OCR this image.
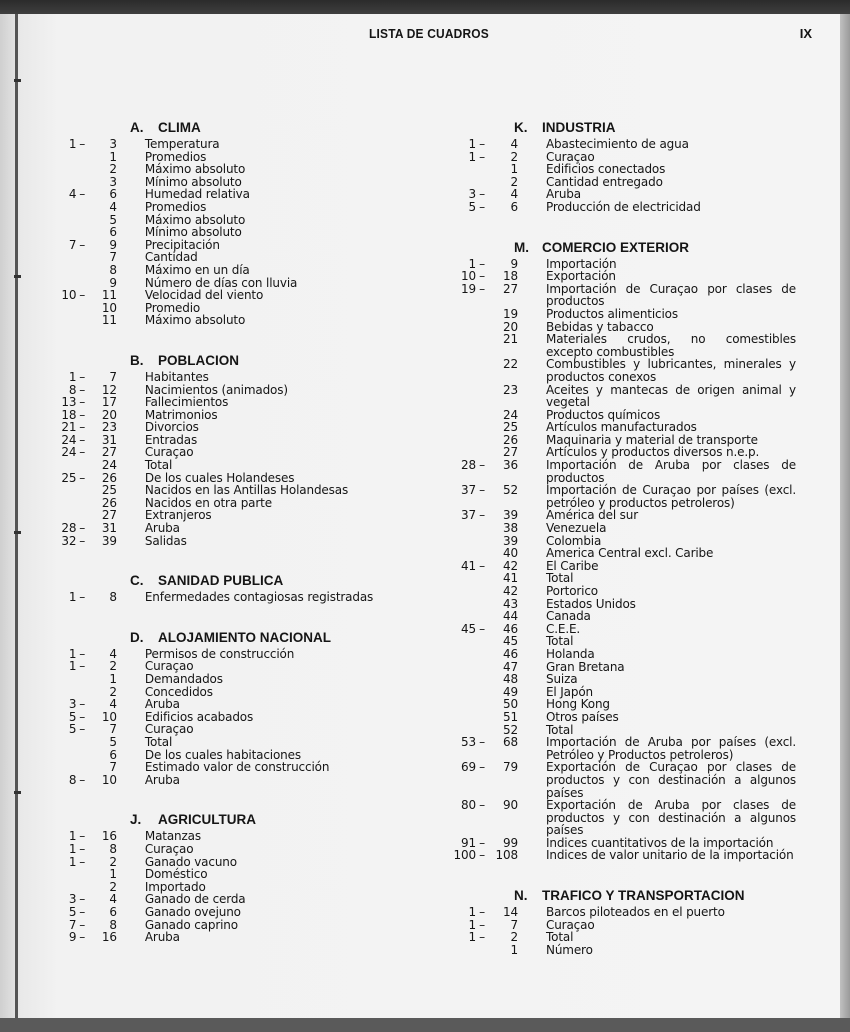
LISTA DE CUADROS	IX
A.	CLIMA
1 –	3	Temperatura
1	Promedios
2	Máximo absoluto
3	Mínimo absoluto
4 –	6	Humedad relativa
4	Promedios
5	Máximo absoluto
6	Mínimo absoluto
7 –	9	Precipitación
7	Cantidad
8	Máximo en un día
9	Número de días con lluvia
10 –	11	Velocidad del viento
10	Promedio
11	Máximo absoluto
B.	POBLACION
1 –	7	Habitantes
8 –	12	Nacimientos (animados)
13 –	17	Fallecimientos
18 –	20	Matrimonios
21 –	23	Divorcios
24 –	31	Entradas
24 –	27	Curaçao
24	Total
25 –	26	De los cuales Holandeses
25	Nacidos en las Antillas Holandesas
26	Nacidos en otra parte
27	Extranjeros
28 –	31	Aruba
32 –	39	Salidas
C.	SANIDAD PUBLICA
1 –	8	Enfermedades contagiosas registradas
D.	ALOJAMIENTO NACIONAL
1 –	4	Permisos de construcción
1 –	2	Curaçao
1	Demandados
2	Concedidos
3 –	4	Aruba
5 –	10	Edificios acabados
5 –	7	Curaçao
5	Total
6	De los cuales habitaciones
7	Estimado valor de construcción
8 –	10	Aruba
J.	AGRICULTURA
1 –	16	Matanzas
1 –	8	Curaçao
1 –	2	Ganado vacuno
1	Doméstico
2	Importado
3 –	4	Ganado de cerda
5 –	6	Ganado ovejuno
7 –	8	Ganado caprino
9 –	16	Aruba
K.	INDUSTRIA
1 –	4	Abastecimiento de agua
1 –	2	Curaçao
1	Edificios conectados
2	Cantidad entregado
3 –	4	Aruba
5 –	6	Producción de electricidad
M. COMERCIO EXTERIOR
1 –	9	Importación
10 –	18	Exportación
19 –	27	Importación de Curaçao por clases de productos
19	Productos alimenticios
20	Bebidas y tabacco
21	Materiales crudos, no comestibles excepto combustibles
22	Combustibles y lubricantes, minerales y productos conexos
23	Aceites y mantecas de origen animal y vegetal
24	Productos químicos
25	Artículos manufacturados
26	Maquinaria y material de transporte
27	Artículos y productos diversos n.e.p.
28 –	36	Importación de Aruba por clases de productos
37 –	52	Importación de Curaçao por países (excl. petróleo y productos petroleros)
37 –	39	América del sur
38	Venezuela
39	Colombia
40	America Central excl. Caribe
41 –	42	El Caribe
41	Total
42	Portorico
43	Estados Unidos
44	Canada
45 –	46	C.E.E.
45	Total
46	Holanda
47	Gran Bretana
48	Suiza
49	El Japón
50	Hong Kong
51	Otros países
52	Total
53 –	68	Importación de Aruba por países (excl. Petróleo y Productos petroleros)
69 –	79	Exportación de Curaçao por clases de productos y con destinación a algunos países
80 –	90	Exportación de Aruba por clases de productos y con destinación a algunos países
91 –	99	Indices cuantitativos de la importación
100 – 108	Indices de valor unitario de la importación
N.	TRAFICO Y TRANSPORTACION
1 –	14	Barcos piloteados en el puerto
1 –	7	Curaçao
1 –	2	Total
1	Número
